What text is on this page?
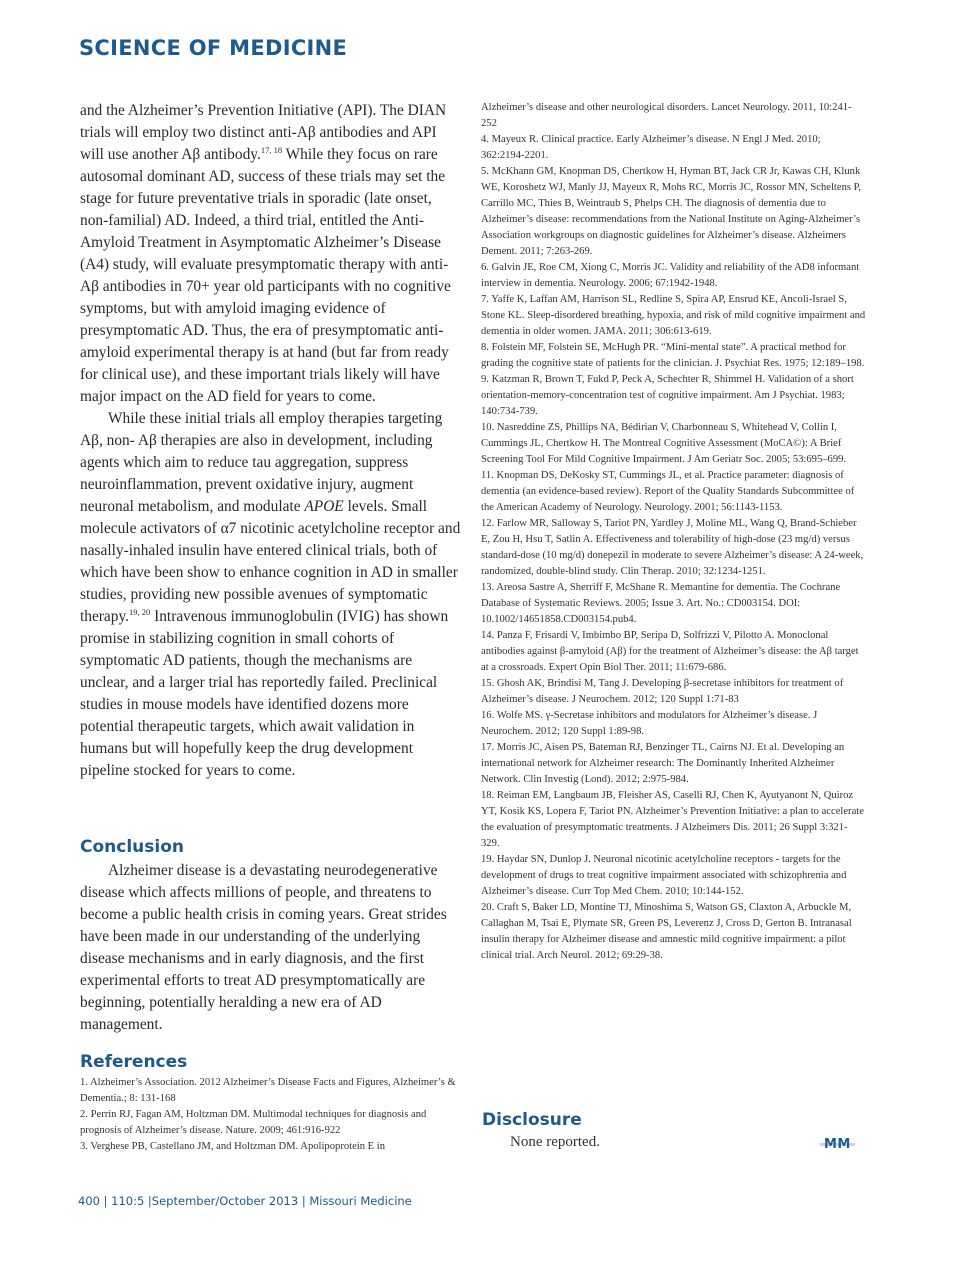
SCIENCE OF MEDICINE

and the Alzheimer’s Prevention Initiative (API). The DIAN trials will employ two distinct anti-Aβ antibodies and API will use another Aβ antibody.$^{17, 18}$ While they focus on rare autosomal dominant AD, success of these trials may set the stage for future preventative trials in sporadic (late onset, non-familial) AD. Indeed, a third trial, entitled the Anti-Amyloid Treatment in Asymptomatic Alzheimer’s Disease (A4) study, will evaluate presymptomatic therapy with anti-Aβ antibodies in 70+ year old participants with no cognitive symptoms, but with amyloid imaging evidence of presymptomatic AD. Thus, the era of presymptomatic anti-amyloid experimental therapy is at hand (but far from ready for clinical use), and these important trials likely will have major impact on the AD field for years to come.

While these initial trials all employ therapies targeting Aβ, non- Aβ therapies are also in development, including agents which aim to reduce tau aggregation, suppress neuroinflammation, prevent oxidative injury, augment neuronal metabolism, and modulate APOE levels. Small molecule activators of α7 nicotinic acetylcholine receptor and nasally-inhaled insulin have entered clinical trials, both of which have been show to enhance cognition in AD in smaller studies, providing new possible avenues of symptomatic therapy.$^{19, 20}$ Intravenous immunoglobulin (IVIG) has shown promise in stabilizing cognition in small cohorts of symptomatic AD patients, though the mechanisms are unclear, and a larger trial has reportedly failed. Preclinical studies in mouse models have identified dozens more potential therapeutic targets, which await validation in humans but will hopefully keep the drug development pipeline stocked for years to come.

Conclusion

Alzheimer disease is a devastating neurodegenerative disease which affects millions of people, and threatens to become a public health crisis in coming years. Great strides have been made in our understanding of the underlying disease mechanisms and in early diagnosis, and the first experimental efforts to treat AD presymptomatically are beginning, potentially heralding a new era of AD management.

References

1. Alzheimer’s Association. 2012 Alzheimer’s Disease Facts and Figures, Alzheimer’s & Dementia.; 8: 131-168

2. Perrin RJ, Fagan AM, Holtzman DM. Multimodal techniques for diagnosis and prognosis of Alzheimer’s disease. Nature. 2009; 461:916-922

3. Verghese PB, Castellano JM, and Holtzman DM. Apolipoprotein E in

Alzheimer’s disease and other neurological disorders. Lancet Neurology. 2011, 10:241-252

4. Mayeux R. Clinical practice. Early Alzheimer’s disease. N Engl J Med. 2010; 362:2194-2201.

5. McKhann GM, Knopman DS, Chertkow H, Hyman BT, Jack CR Jr, Kawas CH, Klunk WE, Koroshetz WJ, Manly JJ, Mayeux R, Mohs RC, Morris JC, Rossor MN, Scheltens P, Carrillo MC, Thies B, Weintraub S, Phelps CH. The diagnosis of dementia due to Alzheimer’s disease: recommendations from the National Institute on Aging-Alzheimer’s Association workgroups on diagnostic guidelines for Alzheimer’s disease. Alzheimers Dement. 2011; 7:263-269.

6. Galvin JE, Roe CM, Xiong C, Morris JC. Validity and reliability of the AD8 informant interview in dementia. Neurology. 2006; 67:1942-1948.

7. Yaffe K, Laffan AM, Harrison SL, Redline S, Spira AP, Ensrud KE, Ancoli-Israel S, Stone KL. Sleep-disordered breathing, hypoxia, and risk of mild cognitive impairment and dementia in older women. JAMA. 2011; 306:613-619.

8. Folstein MF, Folstein SE, McHugh PR. “Mini-mental state”. A practical method for grading the cognitive state of patients for the clinician. J. Psychiat Res. 1975; 12:189–198.

9. Katzman R, Brown T, Fukd P, Peck A, Schechter R, Shimmel H. Validation of a short orientation-memory-concentration test of cognitive impairment. Am J Psychiat. 1983; 140:734-739.

10. Nasreddine ZS, Phillips NA, Bédirian V, Charbonneau S, Whitehead V, Collin I, Cummings JL, Chertkow H. The Montreal Cognitive Assessment (MoCA©): A Brief Screening Tool For Mild Cognitive Impairment. J Am Geriatr Soc. 2005; 53:695–699.

11. Knopman DS, DeKosky ST, Cummings JL, et al. Practice parameter: diagnosis of dementia (an evidence-based review). Report of the Quality Standards Subcommittee of the American Academy of Neurology. Neurology. 2001; 56:1143-1153.

12. Farlow MR, Salloway S, Tariot PN, Yardley J, Moline ML, Wang Q, Brand-Schieber E, Zou H, Hsu T, Satlin A. Effectiveness and tolerability of high-dose (23 mg/d) versus standard-dose (10 mg/d) donepezil in moderate to severe Alzheimer’s disease: A 24-week, randomized, double-blind study. Clin Therap. 2010; 32:1234-1251.

13. Areosa Sastre A, Sherriff F, McShane R. Memantine for dementia. The Cochrane Database of Systematic Reviews. 2005; Issue 3. Art. No.: CD003154. DOI: 10.1002/14651858.CD003154.pub4.

14. Panza F, Frisardi V, Imbimbo BP, Seripa D, Solfrizzi V, Pilotto A. Monoclonal antibodies against β-amyloid (Aβ) for the treatment of Alzheimer’s disease: the Aβ target at a crossroads. Expert Opin Biol Ther. 2011; 11:679-686.

15. Ghosh AK, Brindisi M, Tang J. Developing β-secretase inhibitors for treatment of Alzheimer’s disease. J Neurochem. 2012; 120 Suppl 1:71-83

16. Wolfe MS. γ-Secretase inhibitors and modulators for Alzheimer’s disease. J Neurochem. 2012; 120 Suppl 1:89-98.

17. Morris JC, Aisen PS, Bateman RJ, Benzinger TL, Cairns NJ. Et al. Developing an international network for Alzheimer research: The Dominantly Inherited Alzheimer Network. Clin Investig (Lond). 2012; 2:975-984.

18. Reiman EM, Langbaum JB, Fleisher AS, Caselli RJ, Chen K, Ayutyanont N, Quiroz YT, Kosik KS, Lopera F, Tariot PN. Alzheimer’s Prevention Initiative: a plan to accelerate the evaluation of presymptomatic treatments. J Alzheimers Dis. 2011; 26 Suppl 3:321-329.

19. Haydar SN, Dunlop J. Neuronal nicotinic acetylcholine receptors - targets for the development of drugs to treat cognitive impairment associated with schizophrenia and Alzheimer’s disease. Curr Top Med Chem. 2010; 10:144-152.

20. Craft S, Baker LD, Montine TJ, Minoshima S, Watson GS, Claxton A, Arbuckle M, Callaghan M, Tsai E, Plymate SR, Green PS, Leverenz J, Cross D, Gerton B. Intranasal insulin therapy for Alzheimer disease and amnestic mild cognitive impairment: a pilot clinical trial. Arch Neurol. 2012; 69:29-38.

Disclosure
None reported.	MM
400 | 110:5 |September/October 2013 | Missouri Medicine
